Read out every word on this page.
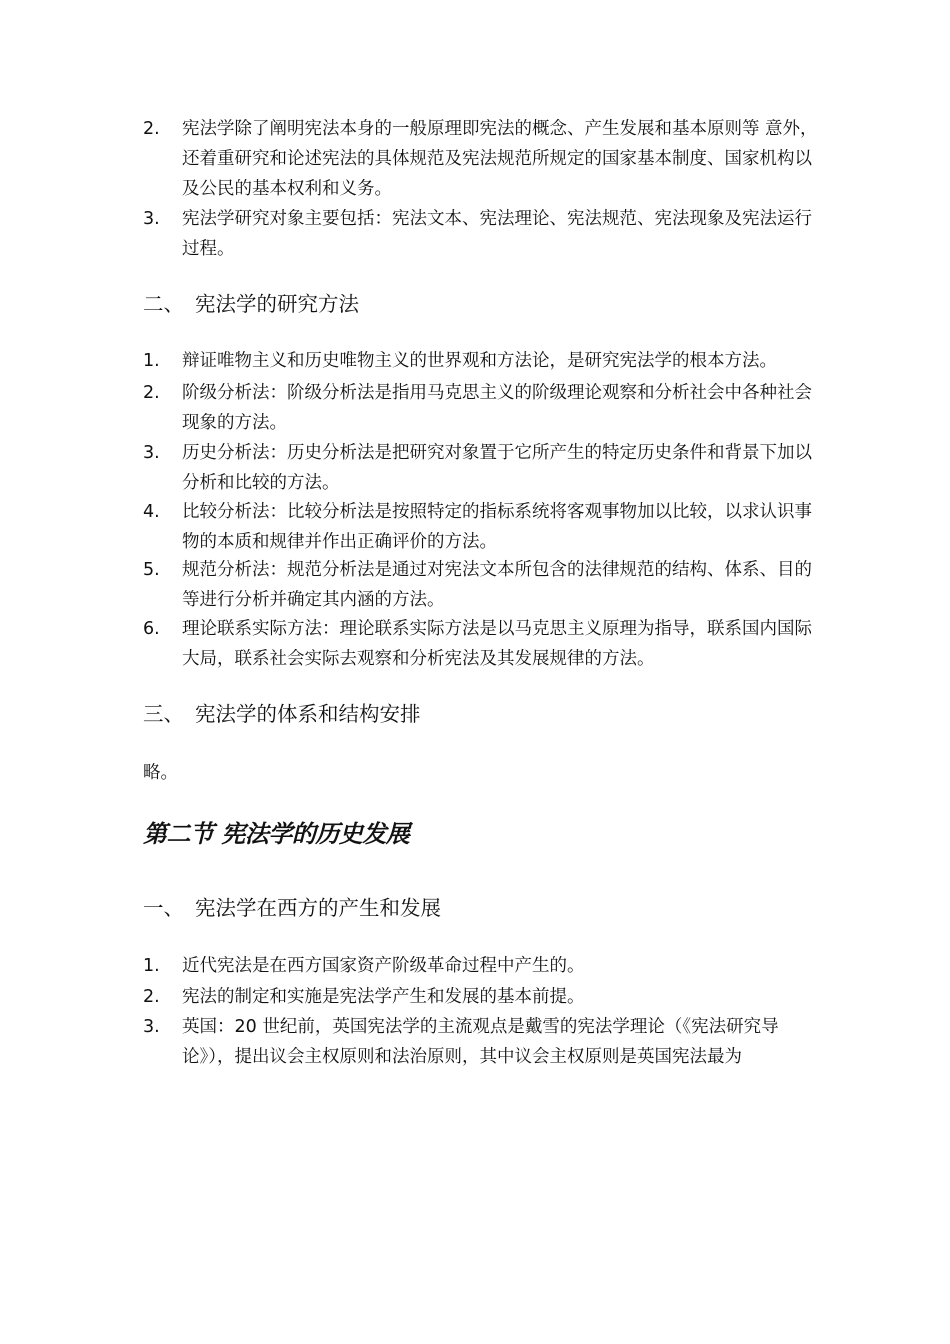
2.	宪法学除了阐明宪法本身的一般原理即宪法的概念、产生发展和基本原则等 意外，还着重研究和论述宪法的具体规范及宪法规范所规定的国家基本制度、国家机构以及公民的基本权利和义务。
3.	宪法学研究对象主要包括：宪法文本、宪法理论、宪法规范、宪法现象及宪法运行过程。
二、 宪法学的研究方法
1.	辩证唯物主义和历史唯物主义的世界观和方法论，是研究宪法学的根本方法。
2.	阶级分析法：阶级分析法是指用马克思主义的阶级理论观察和分析社会中各种社会现象的方法。
3.	历史分析法：历史分析法是把研究对象置于它所产生的特定历史条件和背景下加以分析和比较的方法。
4.	比较分析法：比较分析法是按照特定的指标系统将客观事物加以比较，以求认识事物的本质和规律并作出正确评价的方法。
5.	规范分析法：规范分析法是通过对宪法文本所包含的法律规范的结构、体系、目的等进行分析并确定其内涵的方法。
6.	理论联系实际方法：理论联系实际方法是以马克思主义原理为指导，联系国内国际大局，联系社会实际去观察和分析宪法及其发展规律的方法。
三、 宪法学的体系和结构安排
略。
第二节 宪法学的历史发展
一、 宪法学在西方的产生和发展
1.	近代宪法是在西方国家资产阶级革命过程中产生的。
2.	宪法的制定和实施是宪法学产生和发展的基本前提。
3.	英国：20 世纪前，英国宪法学的主流观点是戴雪的宪法学理论（《宪法研究导论》），提出议会主权原则和法治原则，其中议会主权原则是英国宪法最为
